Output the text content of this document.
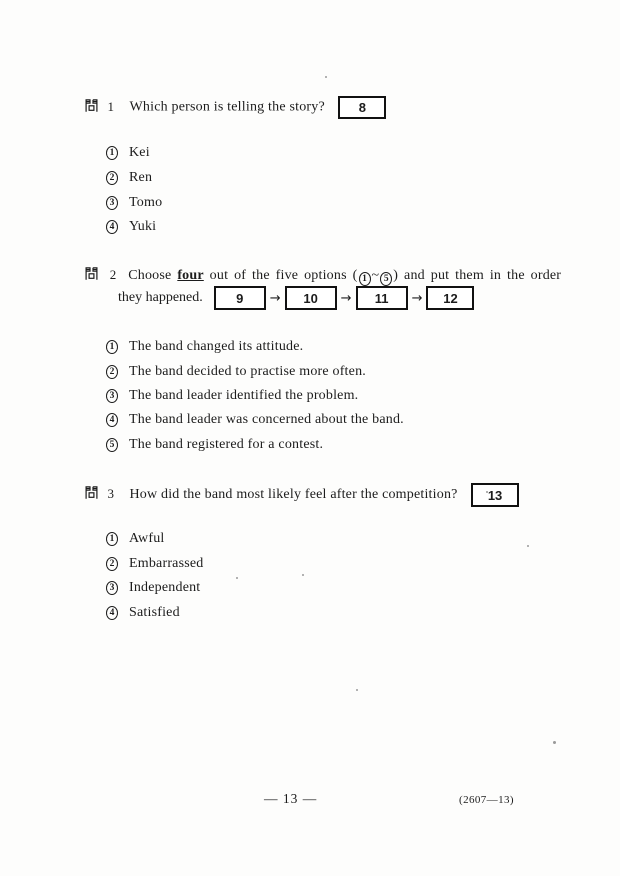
1 Which person is telling the story?	8
1 Kei
2 Ren
3 Tomo
4 Yuki
2 Choose four out of the five options ( 1 ~ 5 ) and put them in the order
they happened.	9	→	10	→	11	→	12
1 The band changed its attitude.
2 The band decided to practise more often.
3 The band leader identified the problem.
4 The band leader was concerned about the band.
5 The band registered for a contest.
3 How did the band most likely feel after the competition? 13
1 Awful
2 Embarrassed
3 Independent
4 Satisfied
— 13 —	(2607—13)
